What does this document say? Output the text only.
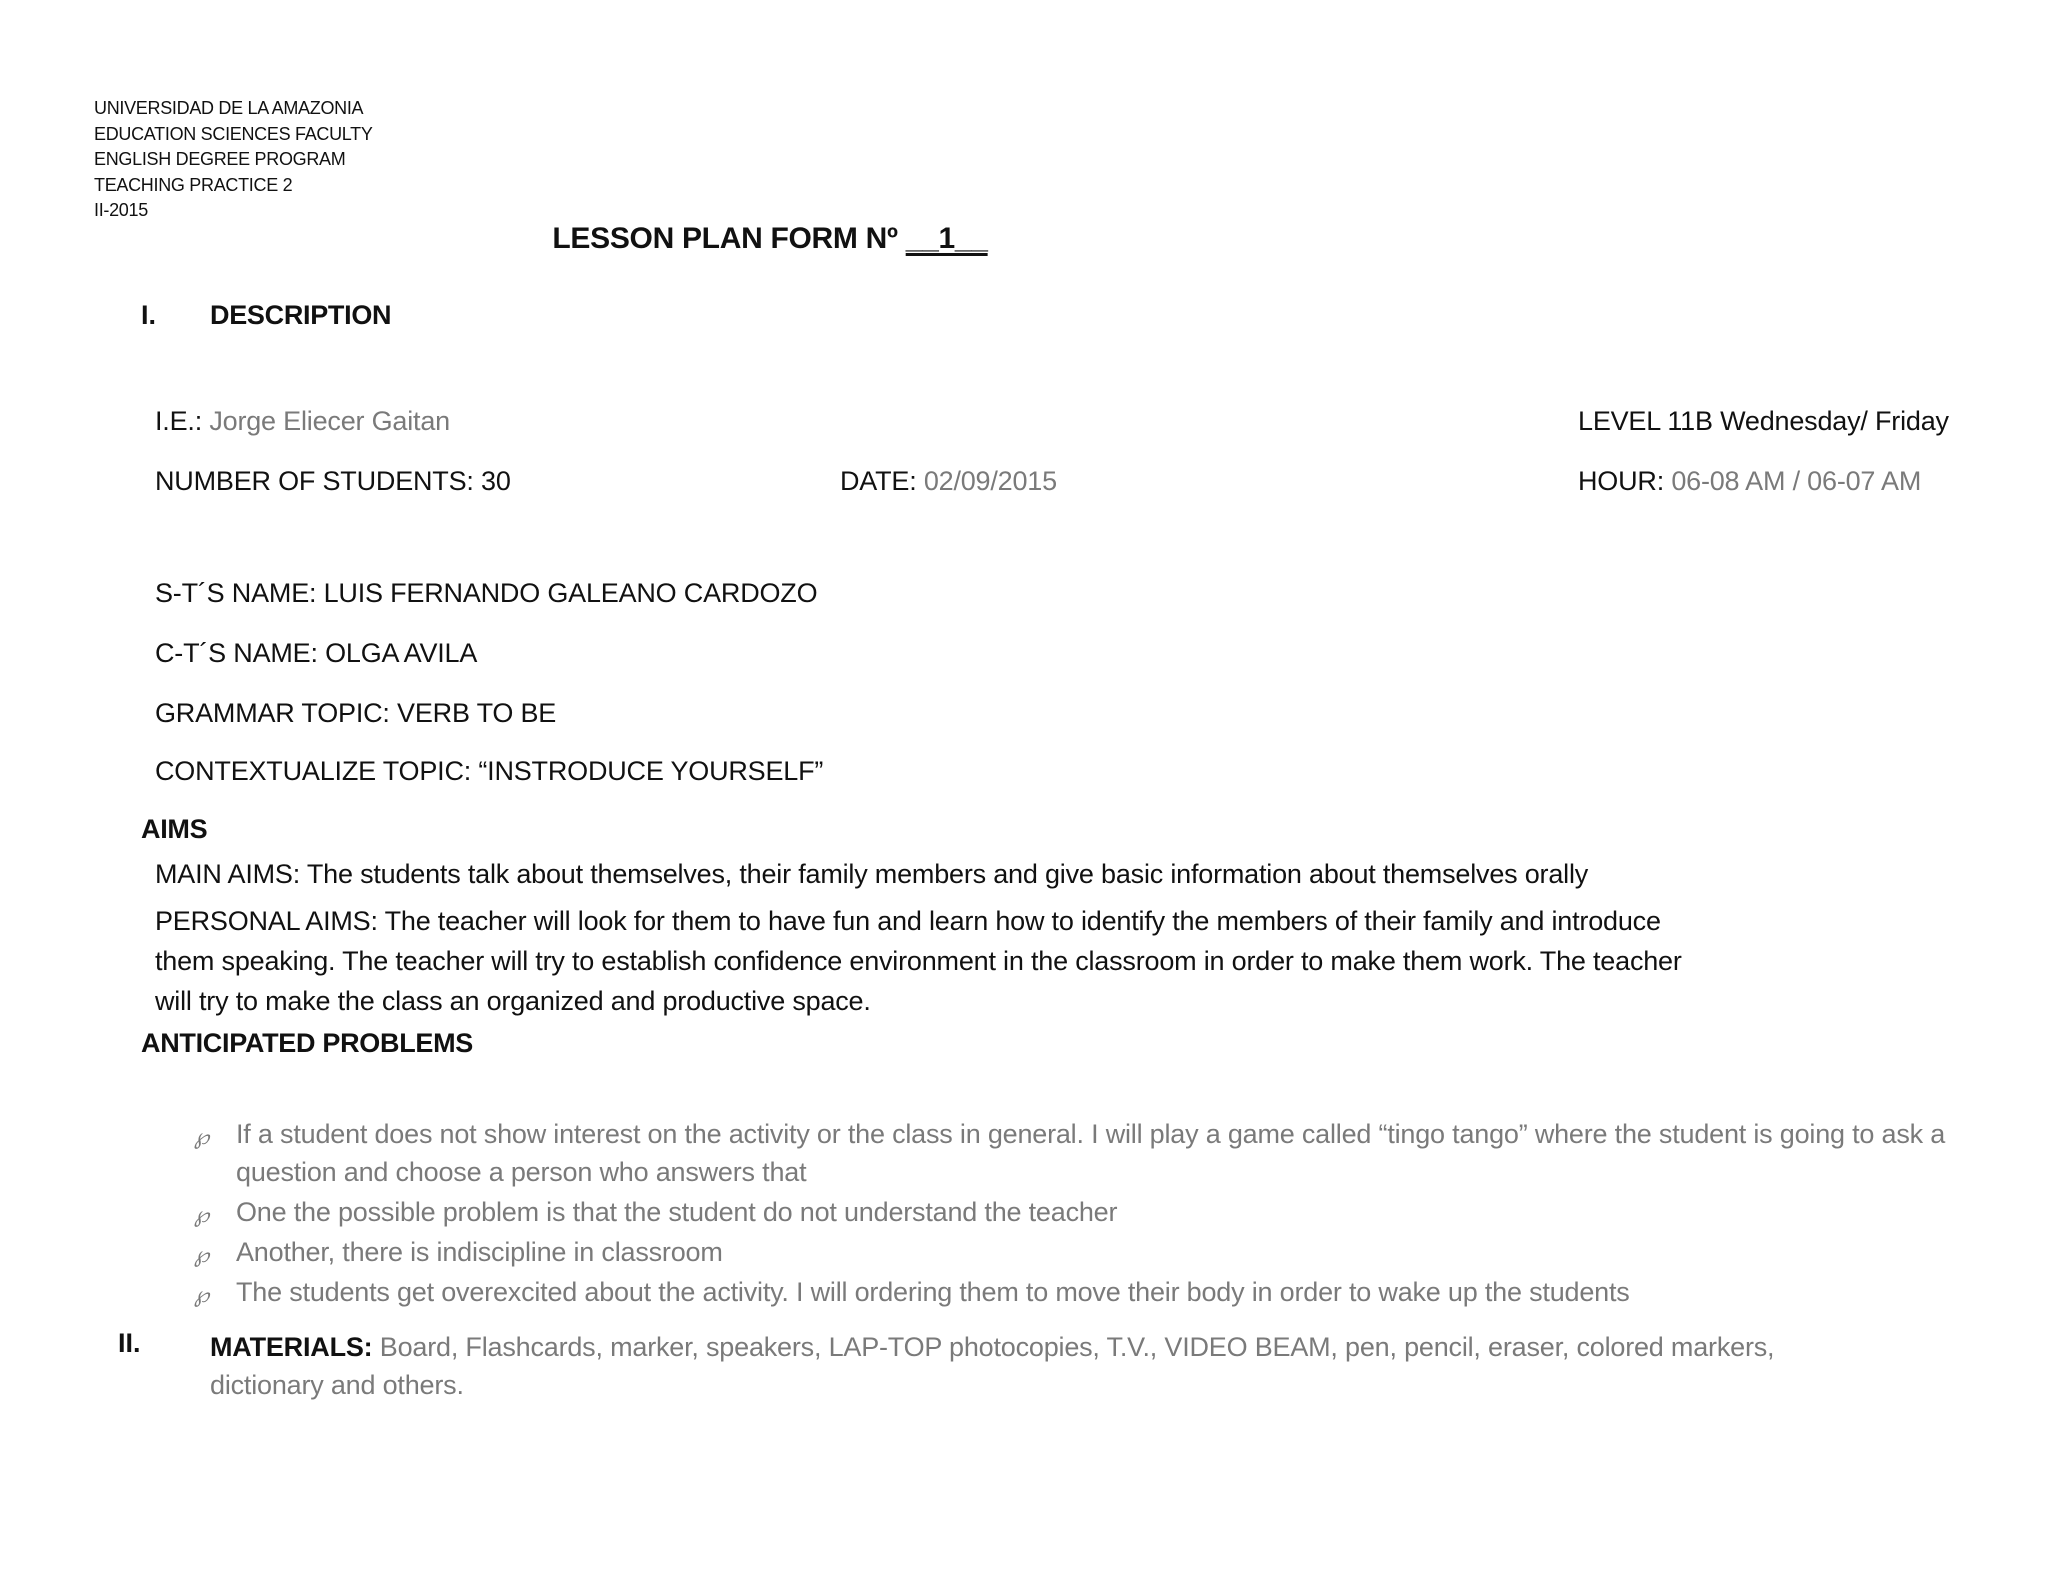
UNIVERSIDAD DE LA AMAZONIA
EDUCATION SCIENCES FACULTY
ENGLISH DEGREE PROGRAM
TEACHING PRACTICE 2
II-2015
LESSON PLAN FORM Nº __1__
I. DESCRIPTION
I.E.: Jorge Eliecer Gaitan	LEVEL 11B Wednesday/ Friday
NUMBER OF STUDENTS: 30	DATE: 02/09/2015	HOUR: 06-08 AM / 06-07 AM
S-T´S NAME: LUIS FERNANDO GALEANO CARDOZO
C-T´S NAME: OLGA AVILA
GRAMMAR TOPIC: VERB TO BE
CONTEXTUALIZE TOPIC: “INSTRODUCE YOURSELF”
AIMS
MAIN AIMS: The students talk about themselves, their family members and give basic information about themselves orally
PERSONAL AIMS: The teacher will look for them to have fun and learn how to identify the members of their family and introduce
them speaking. The teacher will try to establish confidence environment in the classroom in order to make them work. The teacher
will try to make the class an organized and productive space.
ANTICIPATED PROBLEMS
℘ If a student does not show interest on the activity or the class in general. I will play a game called “tingo tango” where the student is going to ask a question and choose a person who answers that
℘ One the possible problem is that the student do not understand the teacher
℘ Another, there is indiscipline in classroom
℘ The students get overexcited about the activity. I will ordering them to move their body in order to wake up the students
II.	MATERIALS: Board, Flashcards, marker, speakers, LAP-TOP photocopies, T.V., VIDEO BEAM, pen, pencil, eraser, colored markers, dictionary and others.
